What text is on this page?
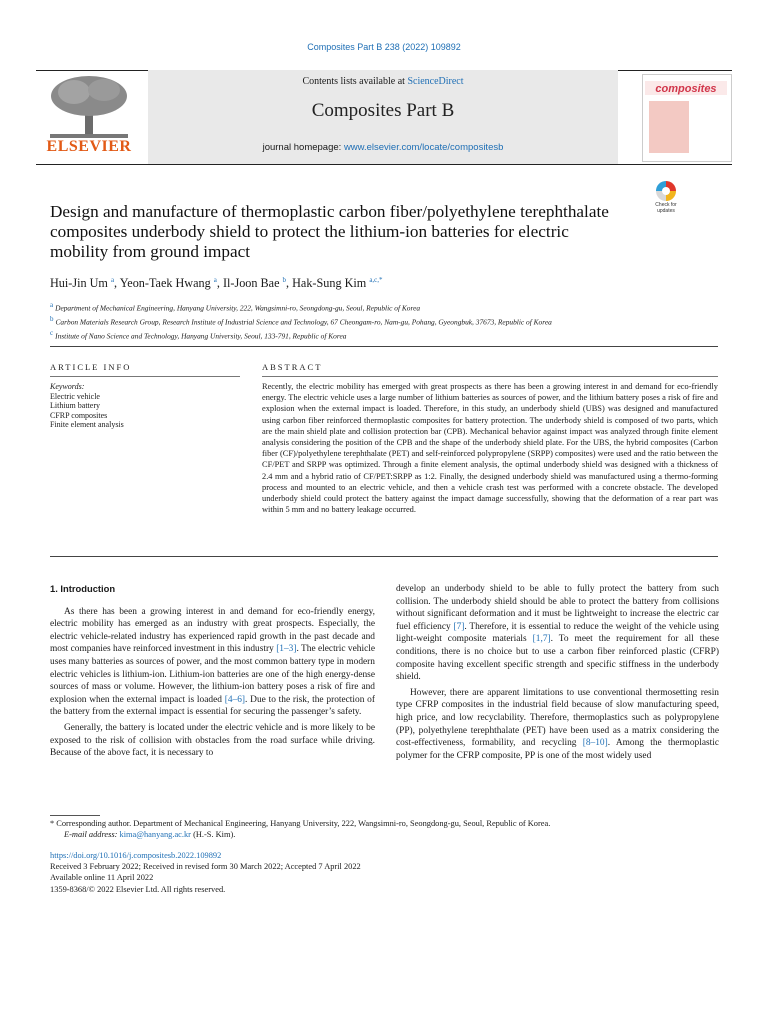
Composites Part B 238 (2022) 109892
ELSEVIER
Contents lists available at ScienceDirect
Composites Part B
journal homepage: www.elsevier.com/locate/compositesb
composites
Check for
updates
Design and manufacture of thermoplastic carbon fiber/polyethylene terephthalate composites underbody shield to protect the lithium-ion batteries for electric mobility from ground impact
Hui-Jin Um $^a$, Yeon-Taek Hwang $^a$, Il-Joon Bae $^b$, Hak-Sung Kim $^{a,c,*}$
$^a$ Department of Mechanical Engineering, Hanyang University, 222, Wangsimni-ro, Seongdong-gu, Seoul, Republic of Korea
$^b$ Carbon Materials Research Group, Research Institute of Industrial Science and Technology, 67 Cheongam-ro, Nam-gu, Pohang, Gyeongbuk, 37673, Republic of Korea
$^c$ Institute of Nano Science and Technology, Hanyang University, Seoul, 133-791, Republic of Korea
ARTICLE INFO
Keywords:
Electric vehicle
Lithium battery
CFRP composites
Finite element analysis
ABSTRACT
Recently, the electric mobility has emerged with great prospects as there has been a growing interest in and demand for eco-friendly energy. The electric vehicle uses a large number of lithium batteries as sources of power, and the lithium battery poses a risk of fire and explosion when the external impact is loaded. Therefore, in this study, an underbody shield (UBS) was designed and manufactured using carbon fiber reinforced thermoplastic composites for battery protection. The underbody shield is composed of two parts, which are the main shield plate and collision protection bar (CPB). Mechanical behavior against impact was analyzed through finite element analysis considering the position of the CPB and the shape of the underbody shield plate. For the UBS, the hybrid composites (Carbon fiber (CF)/polyethylene terephthalate (PET) and self-reinforced polypropylene (SRPP) composites) were used and the ratio between the CF/PET and SRPP was optimized. Through a finite element analysis, the optimal underbody shield was designed with a thickness of 2.4 mm and a hybrid ratio of CF/PET:SRPP as 1:2. Finally, the designed underbody shield was manufactured using a thermo-forming process and mounted to an electric vehicle, and then a vehicle crash test was performed with a concrete obstacle. The developed underbody shield could protect the battery against the impact damage successfully, showing that the deformation of a rear part was within 5 mm and no battery leakage occurred.
1. Introduction

As there has been a growing interest in and demand for eco-friendly energy, electric mobility has emerged as an industry with great prospects. Especially, the electric vehicle-related industry has experienced rapid growth in the past decade and most companies have reinforced investment in this industry [1–3]. The electric vehicle uses many batteries as sources of power, and the most common battery type in modern electric vehicles is lithium-ion. Lithium-ion batteries are one of the high energy-dense sources of mass or volume. However, the lithium-ion battery poses a risk of fire and explosion when the external impact is loaded [4–6]. Due to the risk, the protection of the battery from the external impact is essential for securing the passenger’s safety.

Generally, the battery is located under the electric vehicle and is more likely to be exposed to the risk of collision with obstacles from the road surface while driving. Because of the above fact, it is necessary to

develop an underbody shield to be able to fully protect the battery from such collision. The underbody shield should be able to protect the battery from collisions without significant deformation and it must be lightweight to increase the electric car fuel efficiency [7]. Therefore, it is essential to reduce the weight of the vehicle using light-weight composite materials [1,7]. To meet the requirement for all these conditions, there is no choice but to use a carbon fiber reinforced plastic (CFRP) composite having excellent specific strength and specific stiffness in the underbody shield.

However, there are apparent limitations to use conventional thermosetting resin type CFRP composites in the industrial field because of slow manufacturing speed, high price, and low recyclability. Therefore, thermoplastics such as polypropylene (PP), polyethylene terephthalate (PET) have been used as a matrix considering the cost-effectiveness, formability, and recycling [8–10]. Among the thermoplastic polymer for the CFRP composite, PP is one of the most widely used

* Corresponding author. Department of Mechanical Engineering, Hanyang University, 222, Wangsimni-ro, Seongdong-gu, Seoul, Republic of Korea.
E-mail address: kima@hanyang.ac.kr (H.-S. Kim).
https://doi.org/10.1016/j.compositesb.2022.109892
Received 3 February 2022; Received in revised form 30 March 2022; Accepted 7 April 2022
Available online 11 April 2022
1359-8368/© 2022 Elsevier Ltd. All rights reserved.
